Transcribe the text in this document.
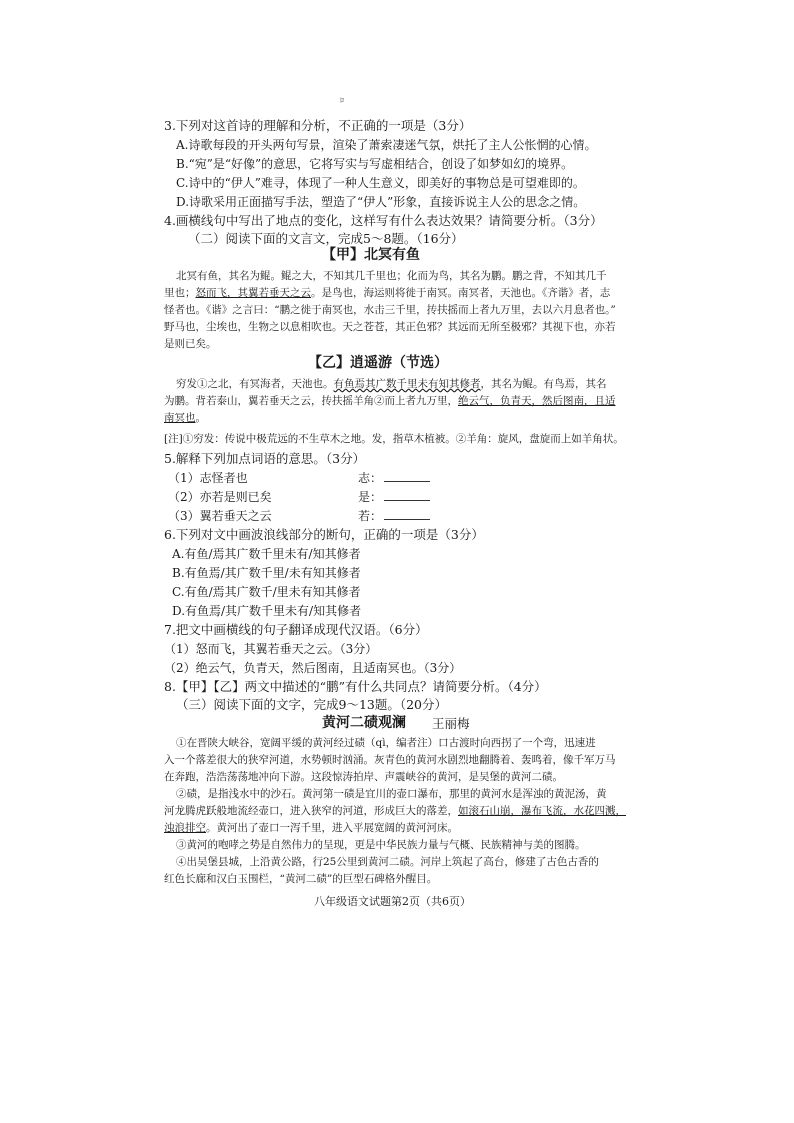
ﾛ
3.下列对这首诗的理解和分析，不正确的一项是（3分）
A.诗歌每段的开头两句写景，渲染了萧索凄迷气氛，烘托了主人公怅惘的心情。
B.“宛”是“好像”的意思，它将写实与写虚相结合，创设了如梦如幻的境界。
C.诗中的“伊人”难寻，体现了一种人生意义，即美好的事物总是可望难即的。
D.诗歌采用正面描写手法，塑造了“伊人”形象，直接诉说主人公的思念之情。
4.画横线句中写出了地点的变化，这样写有什么表达效果？请简要分析。（3分）
（二）阅读下面的文言文，完成5～8题。（16分）
【甲】北冥有鱼
北冥有鱼，其名为鲲。鲲之大，不知其几千里也；化而为鸟，其名为鹏。鹏之背，不知其几千
里也；怒而飞，其翼若垂天之云。是鸟也，海运则将徙于南冥。南冥者，天池也。《齐谐》者，志
怪者也。《谐》之言曰：“鹏之徙于南冥也，水击三千里，抟扶摇而上者九万里，去以六月息者也。”
野马也，尘埃也，生物之以息相吹也。天之苍苍，其正色邪？其远而无所至极邪？其视下也，亦若
是则已矣。
【乙】逍遥游（节选）
穷发①之北，有冥海者，天池也。有鱼焉其广数千里未有知其修者，其名为鲲。有鸟焉，其名
为鹏。背若泰山，翼若垂天之云，抟扶摇羊角②而上者九万里，绝云气，负青天，然后图南，且适
南冥也。
[注]①穷发：传说中极荒远的不生草木之地。发，指草木植被。②羊角：旋风，盘旋而上如羊角状。
5.解释下列加点词语的意思。（3分）
（1）志怪者也	志：
（2）亦若是则已矣	是：
（3）翼若垂天之云	若：
6.下列对文中画波浪线部分的断句，正确的一项是（3分）
A.有鱼/焉其广数千里未有/知其修者
B.有鱼焉/其广数千里/未有知其修者
C.有鱼/焉其广数千/里未有知其修者
D.有鱼焉/其广数千里未有/知其修者
7.把文中画横线的句子翻译成现代汉语。（6分）
（1）怒而飞，其翼若垂天之云。（3分）
（2）绝云气，负青天，然后图南，且适南冥也。（3分）
8.【甲】【乙】两文中描述的“鹏”有什么共同点？请简要分析。（4分）
（三）阅读下面的文字，完成9～13题。（20分）
黄河二碛观澜 王丽梅
①在晋陕大峡谷，宽阔平缓的黄河经过碛（qì，编者注）口古渡时向西拐了一个弯，迅速进
入一个落差很大的狭窄河道，水势顿时汹涌。灰青色的黄河水剧烈地翻腾着、轰鸣着，像千军万马
在奔跑，浩浩荡荡地冲向下游。这段惊涛拍岸、声震峡谷的黄河，是吴堡的黄河二碛。
②碛，是指浅水中的沙石。黄河第一碛是宜川的壶口瀑布，那里的黄河水是浑浊的黄泥汤，黄
河龙腾虎跃般地流经壶口，进入狭窄的河道，形成巨大的落差，如滚石山崩，瀑布飞流，水花四溅，
浊浪排空。黄河出了壶口一泻千里，进入平展宽阔的黄河河床。
③黄河的咆哮之势是自然伟力的呈现，更是中华民族力量与气概、民族精神与美的图腾。
④出吴堡县城，上沿黄公路，行25公里到黄河二碛。河岸上筑起了高台，修建了古色古香的
红色长廊和汉白玉围栏，“黄河二碛”的巨型石碑格外醒目。
八年级语文试题第2页（共6页）
